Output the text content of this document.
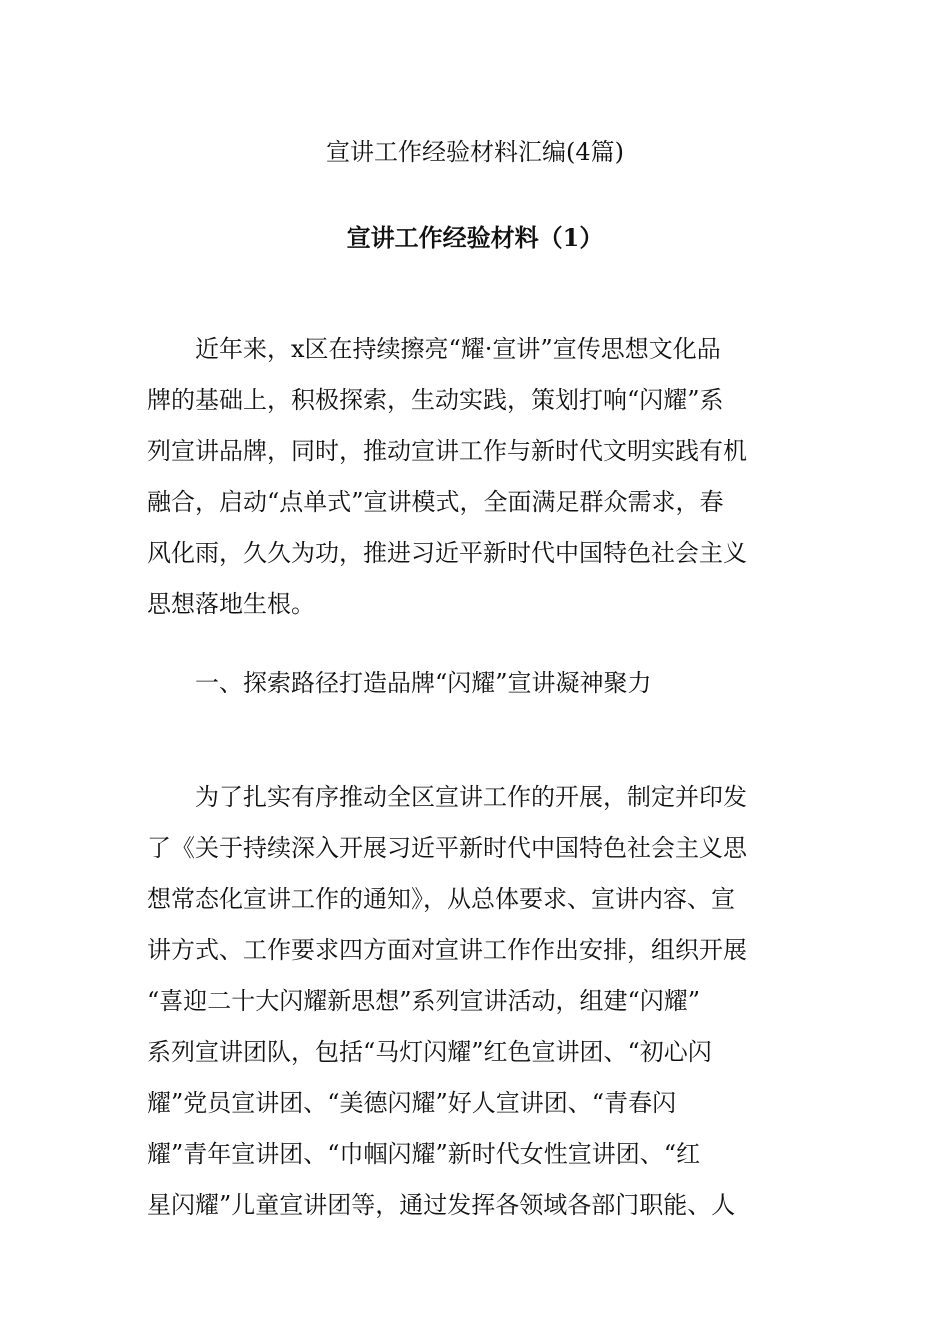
宣讲工作经验材料汇编(4篇)
宣讲工作经验材料（1）
近年来，x区在持续擦亮“耀·宣讲”宣传思想文化品
牌的基础上，积极探索，生动实践，策划打响“闪耀”系
列宣讲品牌，同时，推动宣讲工作与新时代文明实践有机
融合，启动“点单式”宣讲模式，全面满足群众需求，春
风化雨，久久为功，推进习近平新时代中国特色社会主义
思想落地生根。
一、探索路径打造品牌“闪耀”宣讲凝神聚力
为了扎实有序推动全区宣讲工作的开展，制定并印发
了《关于持续深入开展习近平新时代中国特色社会主义思
想常态化宣讲工作的通知》，从总体要求、宣讲内容、宣
讲方式、工作要求四方面对宣讲工作作出安排，组织开展
“喜迎二十大闪耀新思想”系列宣讲活动，组建“闪耀”
系列宣讲团队，包括“马灯闪耀”红色宣讲团、“初心闪
耀”党员宣讲团、“美德闪耀”好人宣讲团、“青春闪
耀”青年宣讲团、“巾帼闪耀”新时代女性宣讲团、“红
星闪耀”儿童宣讲团等，通过发挥各领域各部门职能、人
